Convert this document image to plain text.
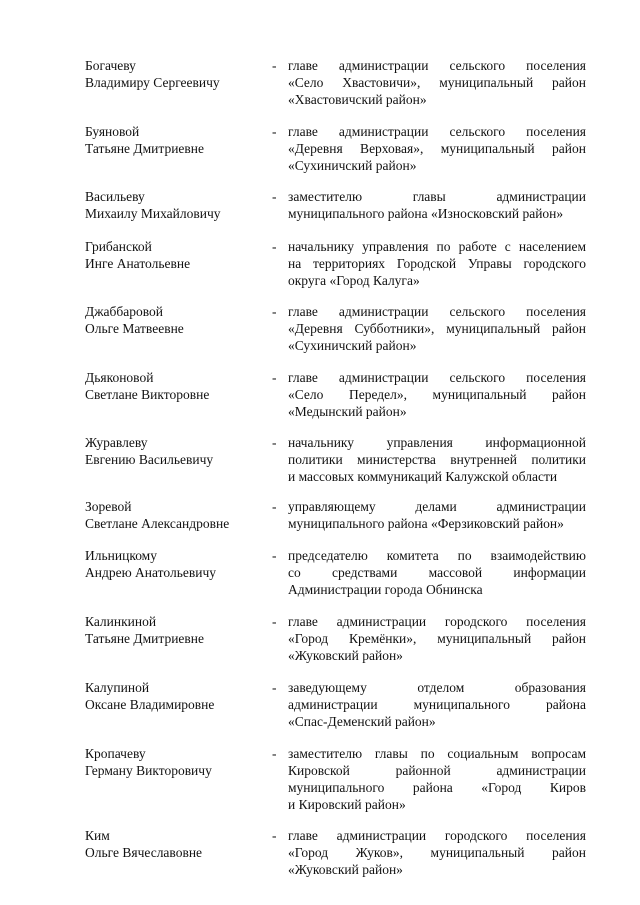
Богачеву
Владимиру Сергеевичу
- главе администрации сельского поселения
«Село Хвастовичи», муниципальный район
«Хвастовичский район»
Буяновой
Татьяне Дмитриевне
- главе администрации сельского поселения
«Деревня Верховая», муниципальный район
«Сухиничский район»
Васильеву
Михаилу Михайловичу
- заместителю главы администрации
муниципального района «Износковский район»
Грибанской
Инге Анатольевне
- начальнику управления по работе с населением
на территориях Городской Управы городского
округа «Город Калуга»
Джаббаровой
Ольге Матвеевне
- главе администрации сельского поселения
«Деревня Субботники», муниципальный район
«Сухиничский район»
Дьяконовой
Светлане Викторовне
- главе администрации сельского поселения
«Село Передел», муниципальный район
«Медынский район»
Журавлеву
Евгению Васильевичу
- начальнику управления информационной
политики министерства внутренней политики
и массовых коммуникаций Калужской области
Зоревой
Светлане Александровне
- управляющему делами администрации
муниципального района «Ферзиковский район»
Ильницкому
Андрею Анатольевичу
- председателю комитета по взаимодействию
со средствами массовой информации
Администрации города Обнинска
Калинкиной
Татьяне Дмитриевне
- главе администрации городского поселения
«Город Кремёнки», муниципальный район
«Жуковский район»
Калупиной
Оксане Владимировне
- заведующему отделом образования
администрации муниципального района
«Спас-Деменский район»
Кропачеву
Герману Викторовичу
- заместителю главы по социальным вопросам
Кировской районной администрации
муниципального района «Город Киров
и Кировский район»
Ким
Ольге Вячеславовне
- главе администрации городского поселения
«Город Жуков», муниципальный район
«Жуковский район»
